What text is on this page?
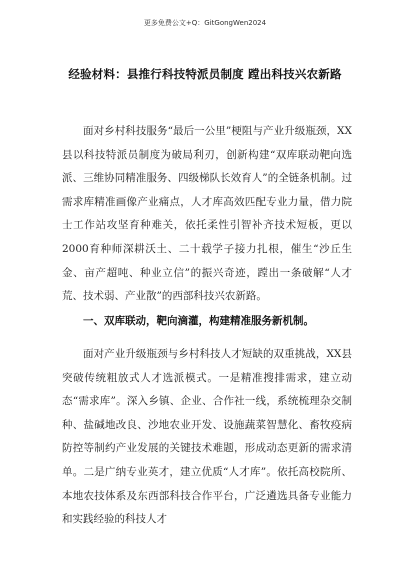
更多免费公文+Q：GitGongWen2024
经验材料：县推行科技特派员制度 蹚出科技兴农新路

面对乡村科技服务“最后一公里”梗阻与产业升级瓶颈，XX县以科技特派员制度为破局利刃，创新构建“双库联动靶向选派、三维协同精准服务、四级梯队长效育人”的全链条机制。过需求库精准画像产业痛点，人才库高效匹配专业力量，借力院士工作站攻坚育种难关，依托柔性引智补齐技术短板，更以2000育种师深耕沃土、二十载学子接力扎根，催生“沙丘生金、亩产超吨、种业立信”的振兴奇迹，蹚出一条破解“人才荒、技术弱、产业散”的西部科技兴农新路。

一、双库联动，靶向滴灌，构建精准服务新机制。

面对产业升级瓶颈与乡村科技人才短缺的双重挑战，XX县突破传统粗放式人才选派模式。一是精准搜排需求，建立动态“需求库”。深入乡镇、企业、合作社一线，系统梳理杂交制种、盐碱地改良、沙地农业开发、设施蔬菜智慧化、畜牧疫病防控等制约产业发展的关键技术难题，形成动态更新的需求清单。二是广纳专业英才，建立优质“人才库”。依托高校院所、本地农技体系及东西部科技合作平台，广泛遴选具备专业能力和实践经验的科技人才
